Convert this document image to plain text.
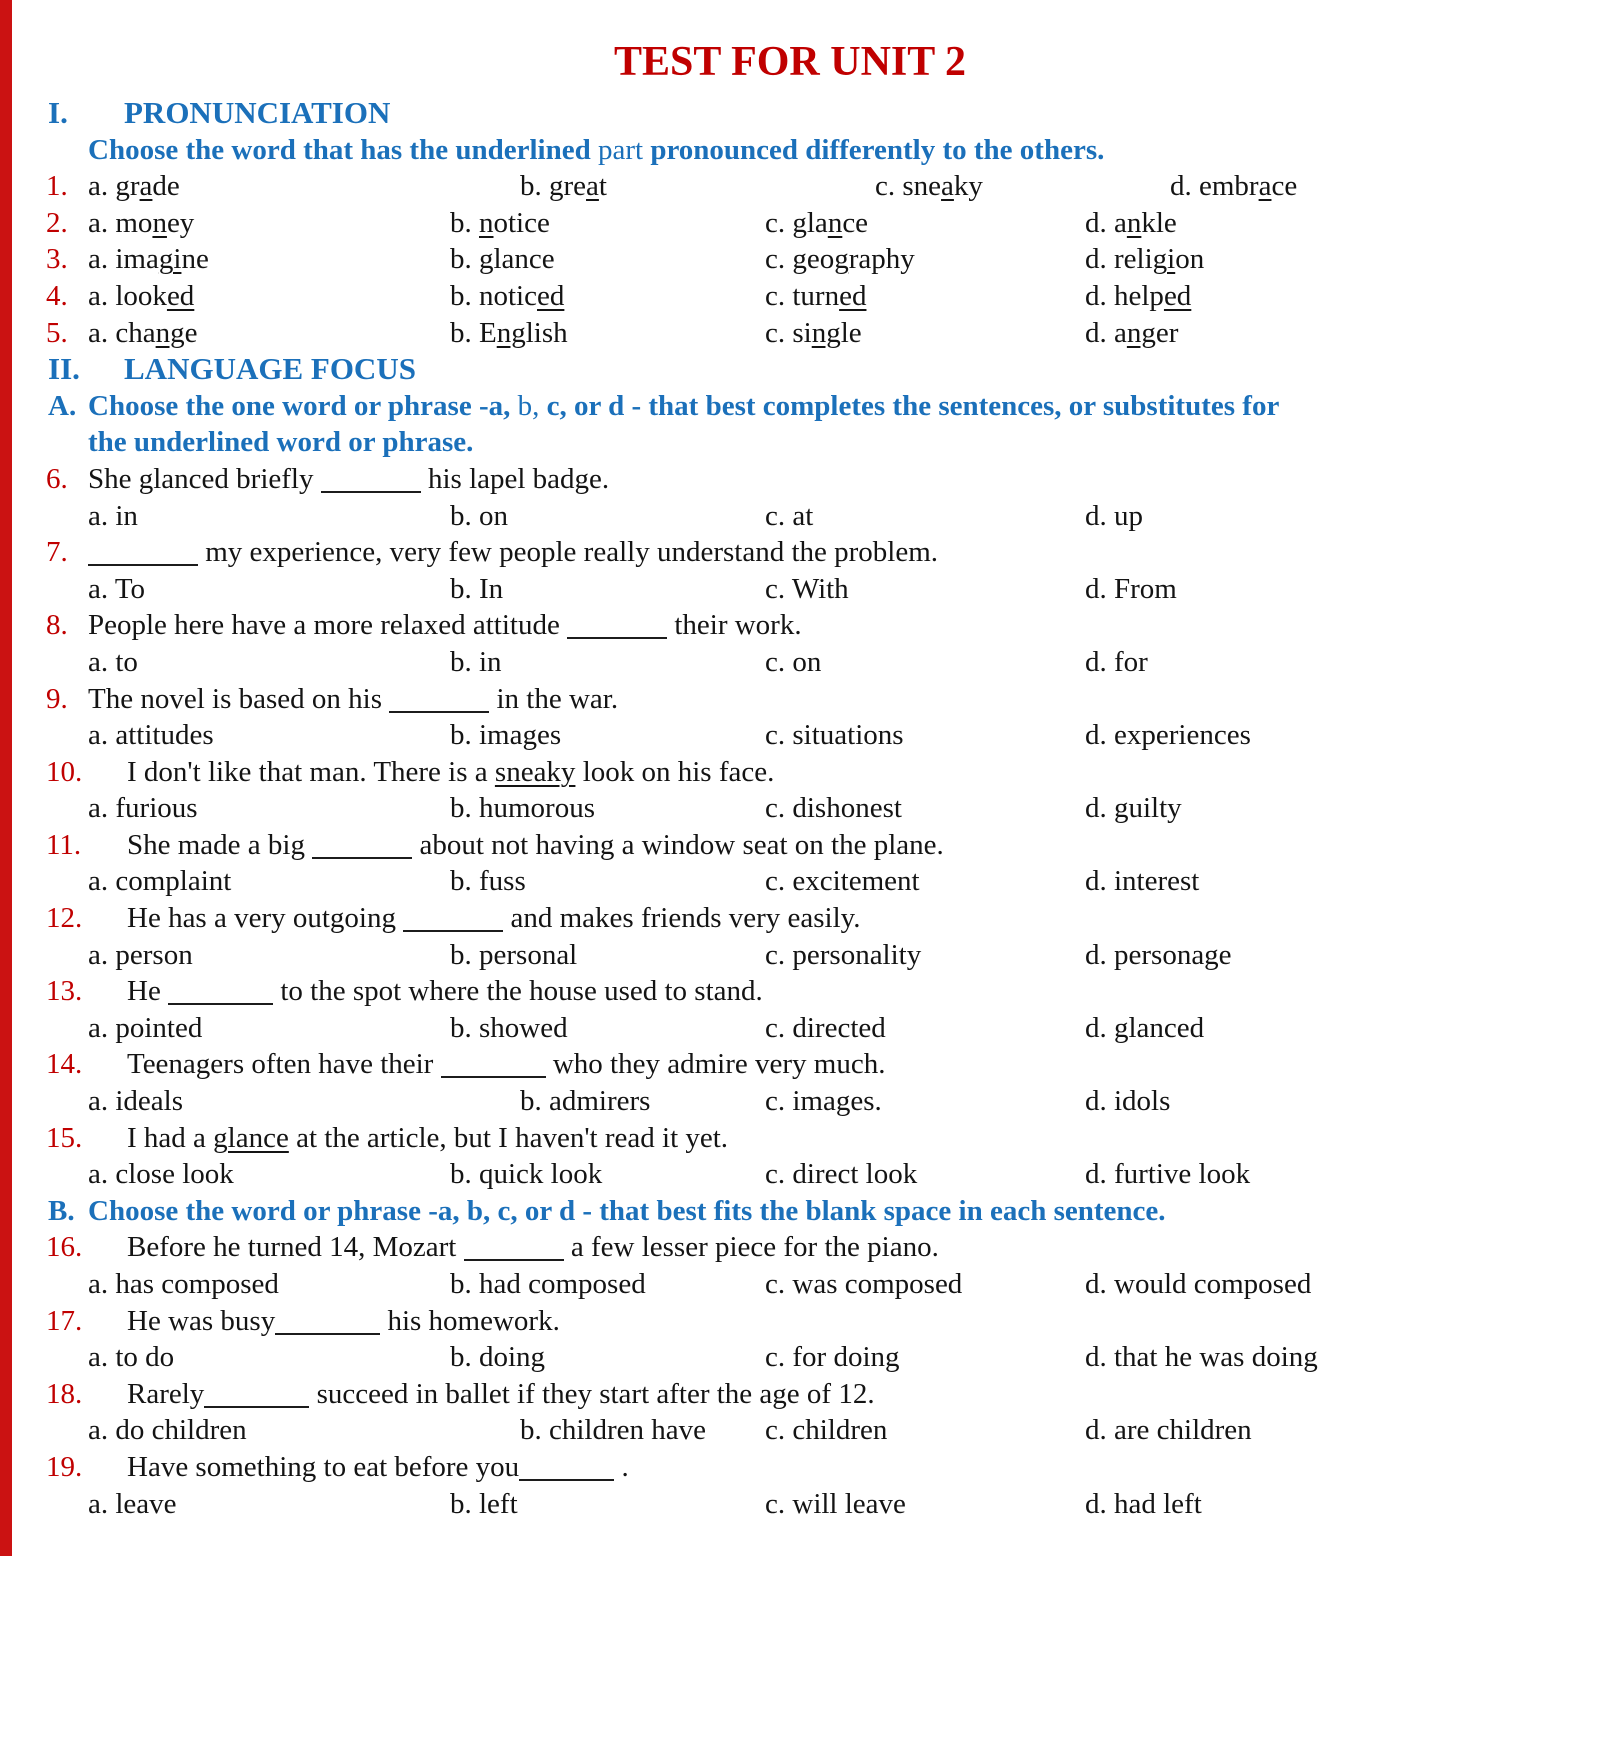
TEST FOR UNIT 2
I. PRONUNCIATION
Choose the word that has the underlined part pronounced differently to the others.
1. a. grade	b. great	c. sneaky	d. embrace
2. a. money	b. notice	c. glance	d. ankle
3. a. imagine	b. glance	c. geography	d. religion
4. a. looked	b. noticed	c. turned	d. helped
5. a. change	b. English	c. single	d. anger
II. LANGUAGE FOCUS
A. Choose the one word or phrase -a, b, c, or d - that best completes the sentences, or substitutes for
the underlined word or phrase.
6. She glanced briefly	his lapel badge.
a. in	b. on	c. at	d. up
7.	my experience, very few people really understand the problem.
a. To	b. In	c. With	d. From
8. People here have a more relaxed attitude	their work.
a. to	b. in	c. on	d. for
9. The novel is based on his	in the war.
a. attitudes	b. images	c. situations	d. experiences
10. I don't like that man. There is a sneaky look on his face.
a. furious	b. humorous	c. dishonest	d. guilty
11. She made a big	about not having a window seat on the plane.
a. complaint	b. fuss	c. excitement	d. interest
12. He has a very outgoing	and makes friends very easily.
a. person	b. personal	c. personality	d. personage
13. He	to the spot where the house used to stand.
a. pointed	b. showed	c. directed	d. glanced
14. Teenagers often have their	who they admire very much.
a. ideals	b. admirers	c. images.	d. idols
15. I had a glance at the article, but I haven't read it yet.
a. close look	b. quick look	c. direct look	d. furtive look
B. Choose the word or phrase -a, b, c, or d - that best fits the blank space in each sentence.
16. Before he turned 14, Mozart	a few lesser piece for the piano.
a. has composed	b. had composed	c. was composed	d. would composed
17. He was busy	his homework.
a. to do	b. doing	c. for doing	d. that he was doing
18. Rarely	succeed in ballet if they start after the age of 12.
a. do children	b. children have c. children	d. are children
19. Have something to eat before you	.
a. leave	b. left	c. will leave	d. had left
